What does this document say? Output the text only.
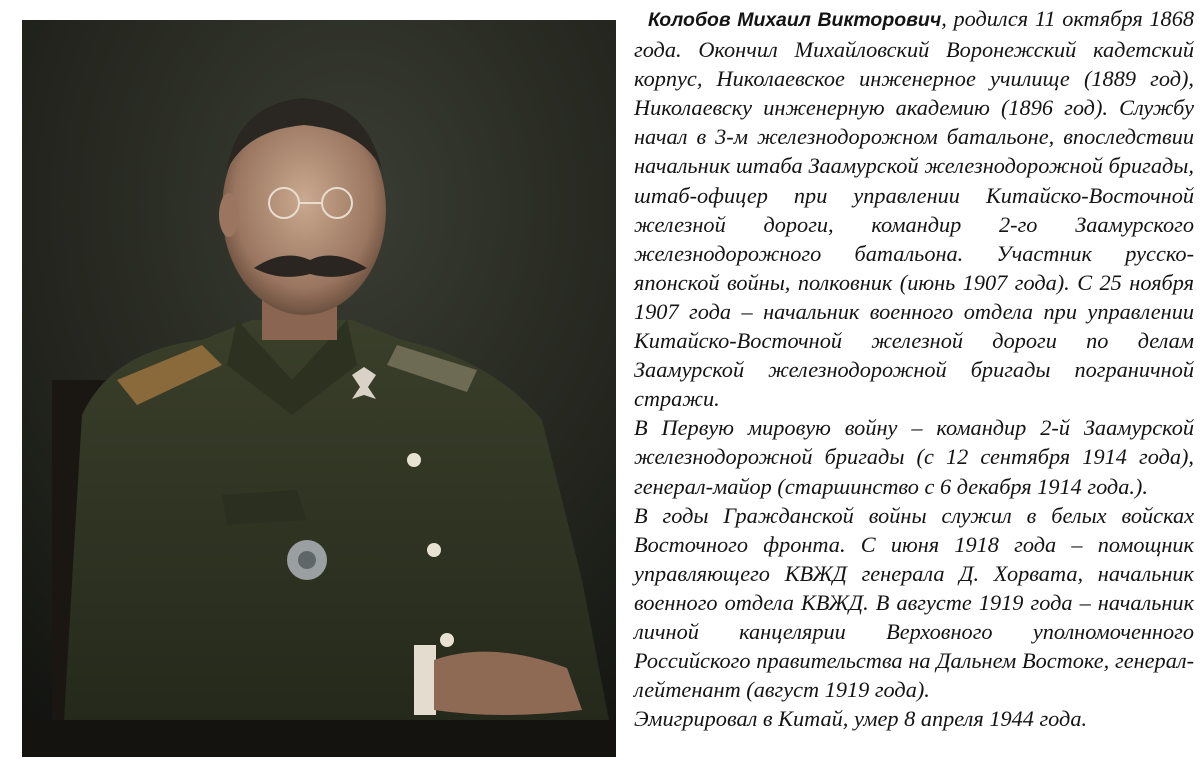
Колобов Михаил Викторович, родился 11 октября 1868 года. Окончил Михайловский Воронежский кадетский корпус, Николаевское инженерное училище (1889 год), Николаевску инженерную академию (1896 год). Службу начал в 3-м железнодорожном батальоне, впоследствии начальник штаба Заамурской железнодорожной бригады, штаб-офицер при управлении Китайско-Восточной железной дороги, командир 2-го Заамурского железнодорожного батальона. Участник русско-японской войны, полковник (июнь 1907 года). С 25 ноября 1907 года – начальник военного отдела при управлении Китайско-Восточной железной дороги по делам Заамурской железнодорожной бригады пограничной стражи.

В Первую мировую войну – командир 2-й Заамурской железнодорожной бригады (с 12 сентября 1914 года), генерал-майор (старшинство с 6 декабря 1914 года.).

В годы Гражданской войны служил в белых войсках Восточного фронта. С июня 1918 года – помощник управляющего КВЖД генерала Д. Хорвата, начальник военного отдела КВЖД. В августе 1919 года – начальник личной канцелярии Верховного уполномоченного Российского правительства на Дальнем Востоке, генерал-лейтенант (август 1919 года).

Эмигрировал в Китай, умер 8 апреля 1944 года.
